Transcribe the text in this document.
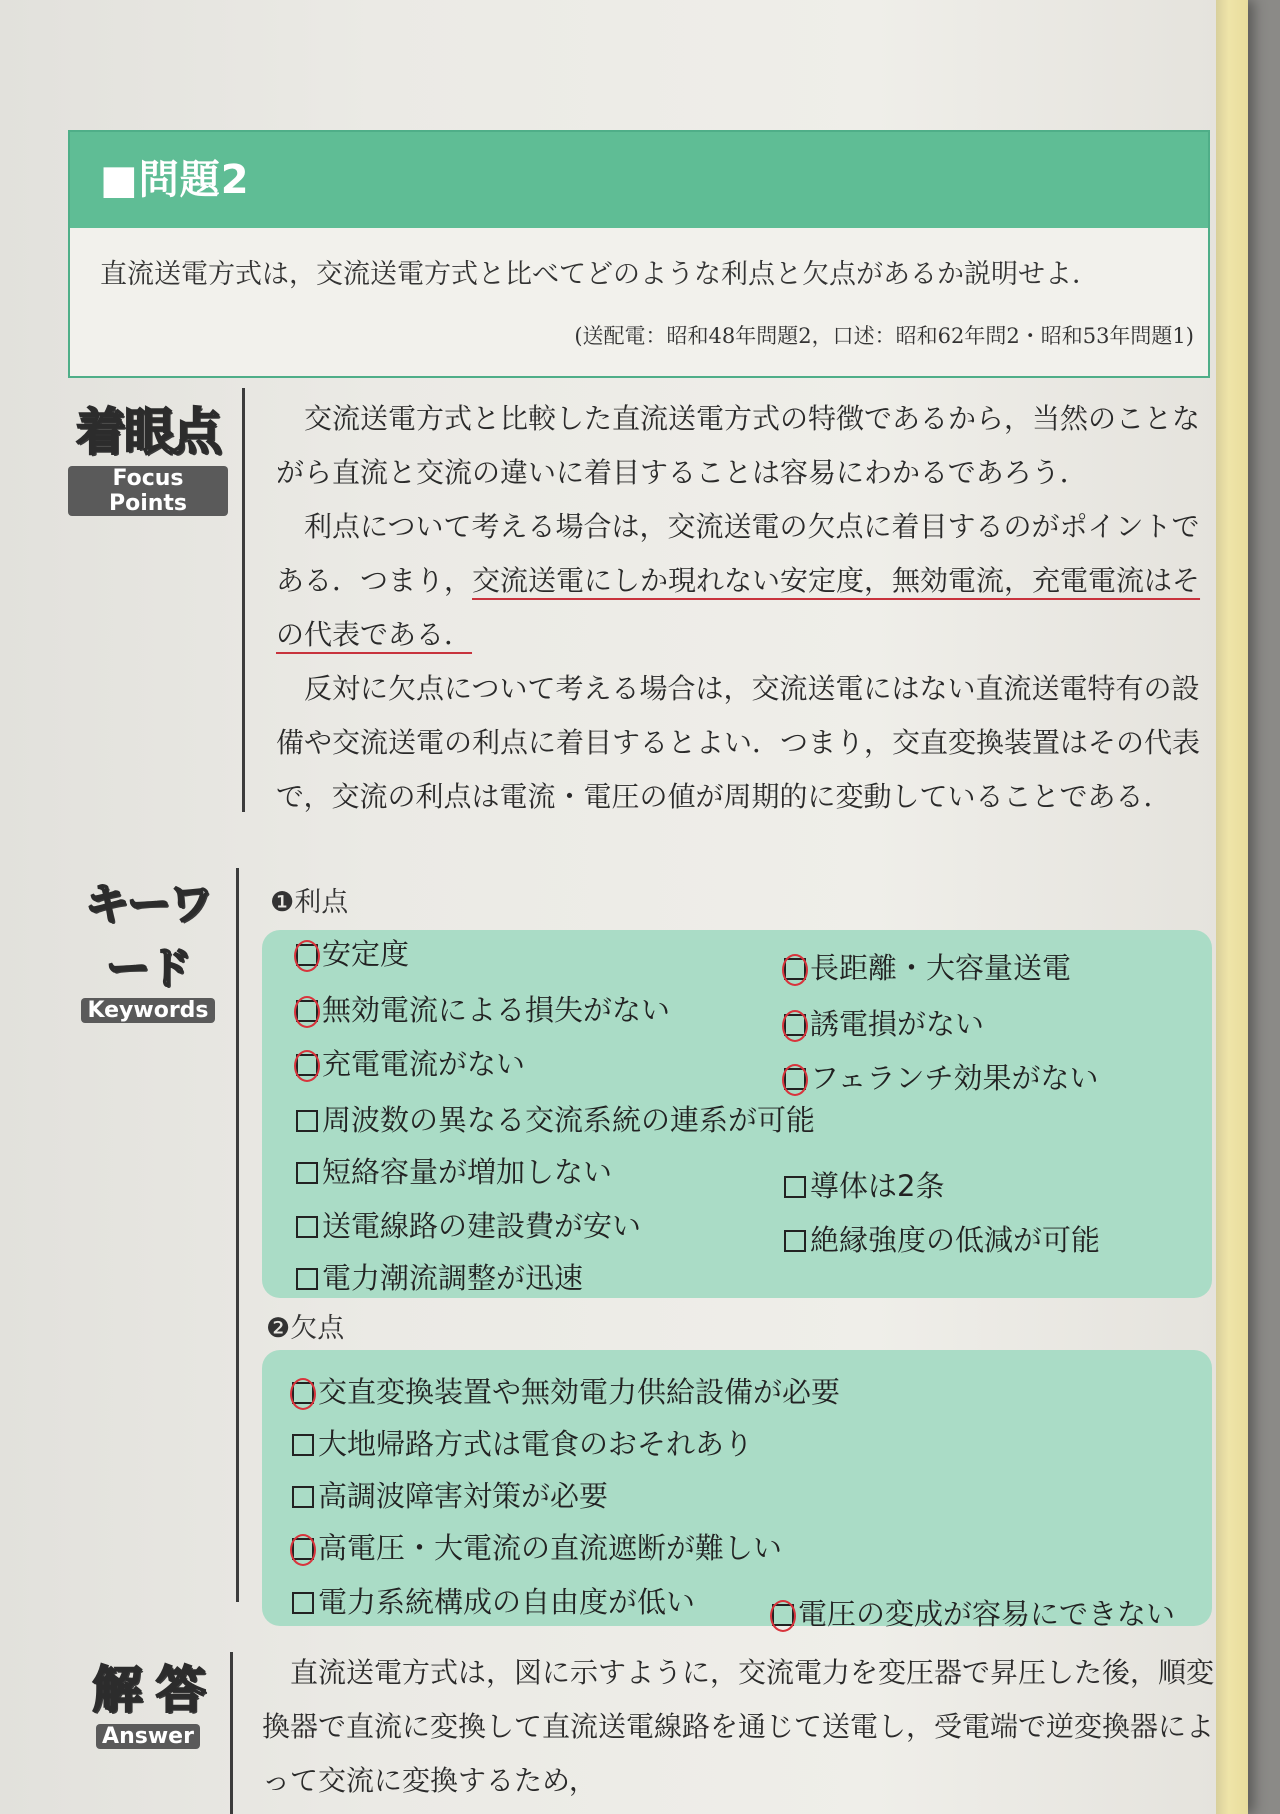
■問題2
直流送電方式は，交流送電方式と比べてどのような利点と欠点があるか説明せよ．
(送配電：昭和48年問題2，口述：昭和62年問2・昭和53年問題1)
着眼点
Focus Points

交流送電方式と比較した直流送電方式の特徴であるから，当然のことながら直流と交流の違いに着目することは容易にわかるであろう．

利点について考える場合は，交流送電の欠点に着目するのがポイントである．つまり，交流送電にしか現れない安定度，無効電流，充電電流はその代表である．

反対に欠点について考える場合は，交流送電にはない直流送電特有の設備や交流送電の利点に着目するとよい．つまり，交直変換装置はその代表で，交流の利点は電流・電圧の値が周期的に変動していることである．

キーワード
Keywords
❶利点
安定度	長距離・大容量送電
無効電流による損失がない	誘電損がない
充電電流がない	フェランチ効果がない
周波数の異なる交流系統の連系が可能
短絡容量が増加しない	導体は2条
送電線路の建設費が安い	絶縁強度の低減が可能
電力潮流調整が迅速
❷欠点
交直変換装置や無効電力供給設備が必要
大地帰路方式は電食のおそれあり
高調波障害対策が必要
高電圧・大電流の直流遮断が難しい
電力系統構成の自由度が低い	電圧の変成が容易にできない
解 答
Answer

直流送電方式は，図に示すように，交流電力を変圧器で昇圧した後，順変換器で直流に変換して直流送電線路を通じて送電し，受電端で逆変換器によって交流に変換するため，
